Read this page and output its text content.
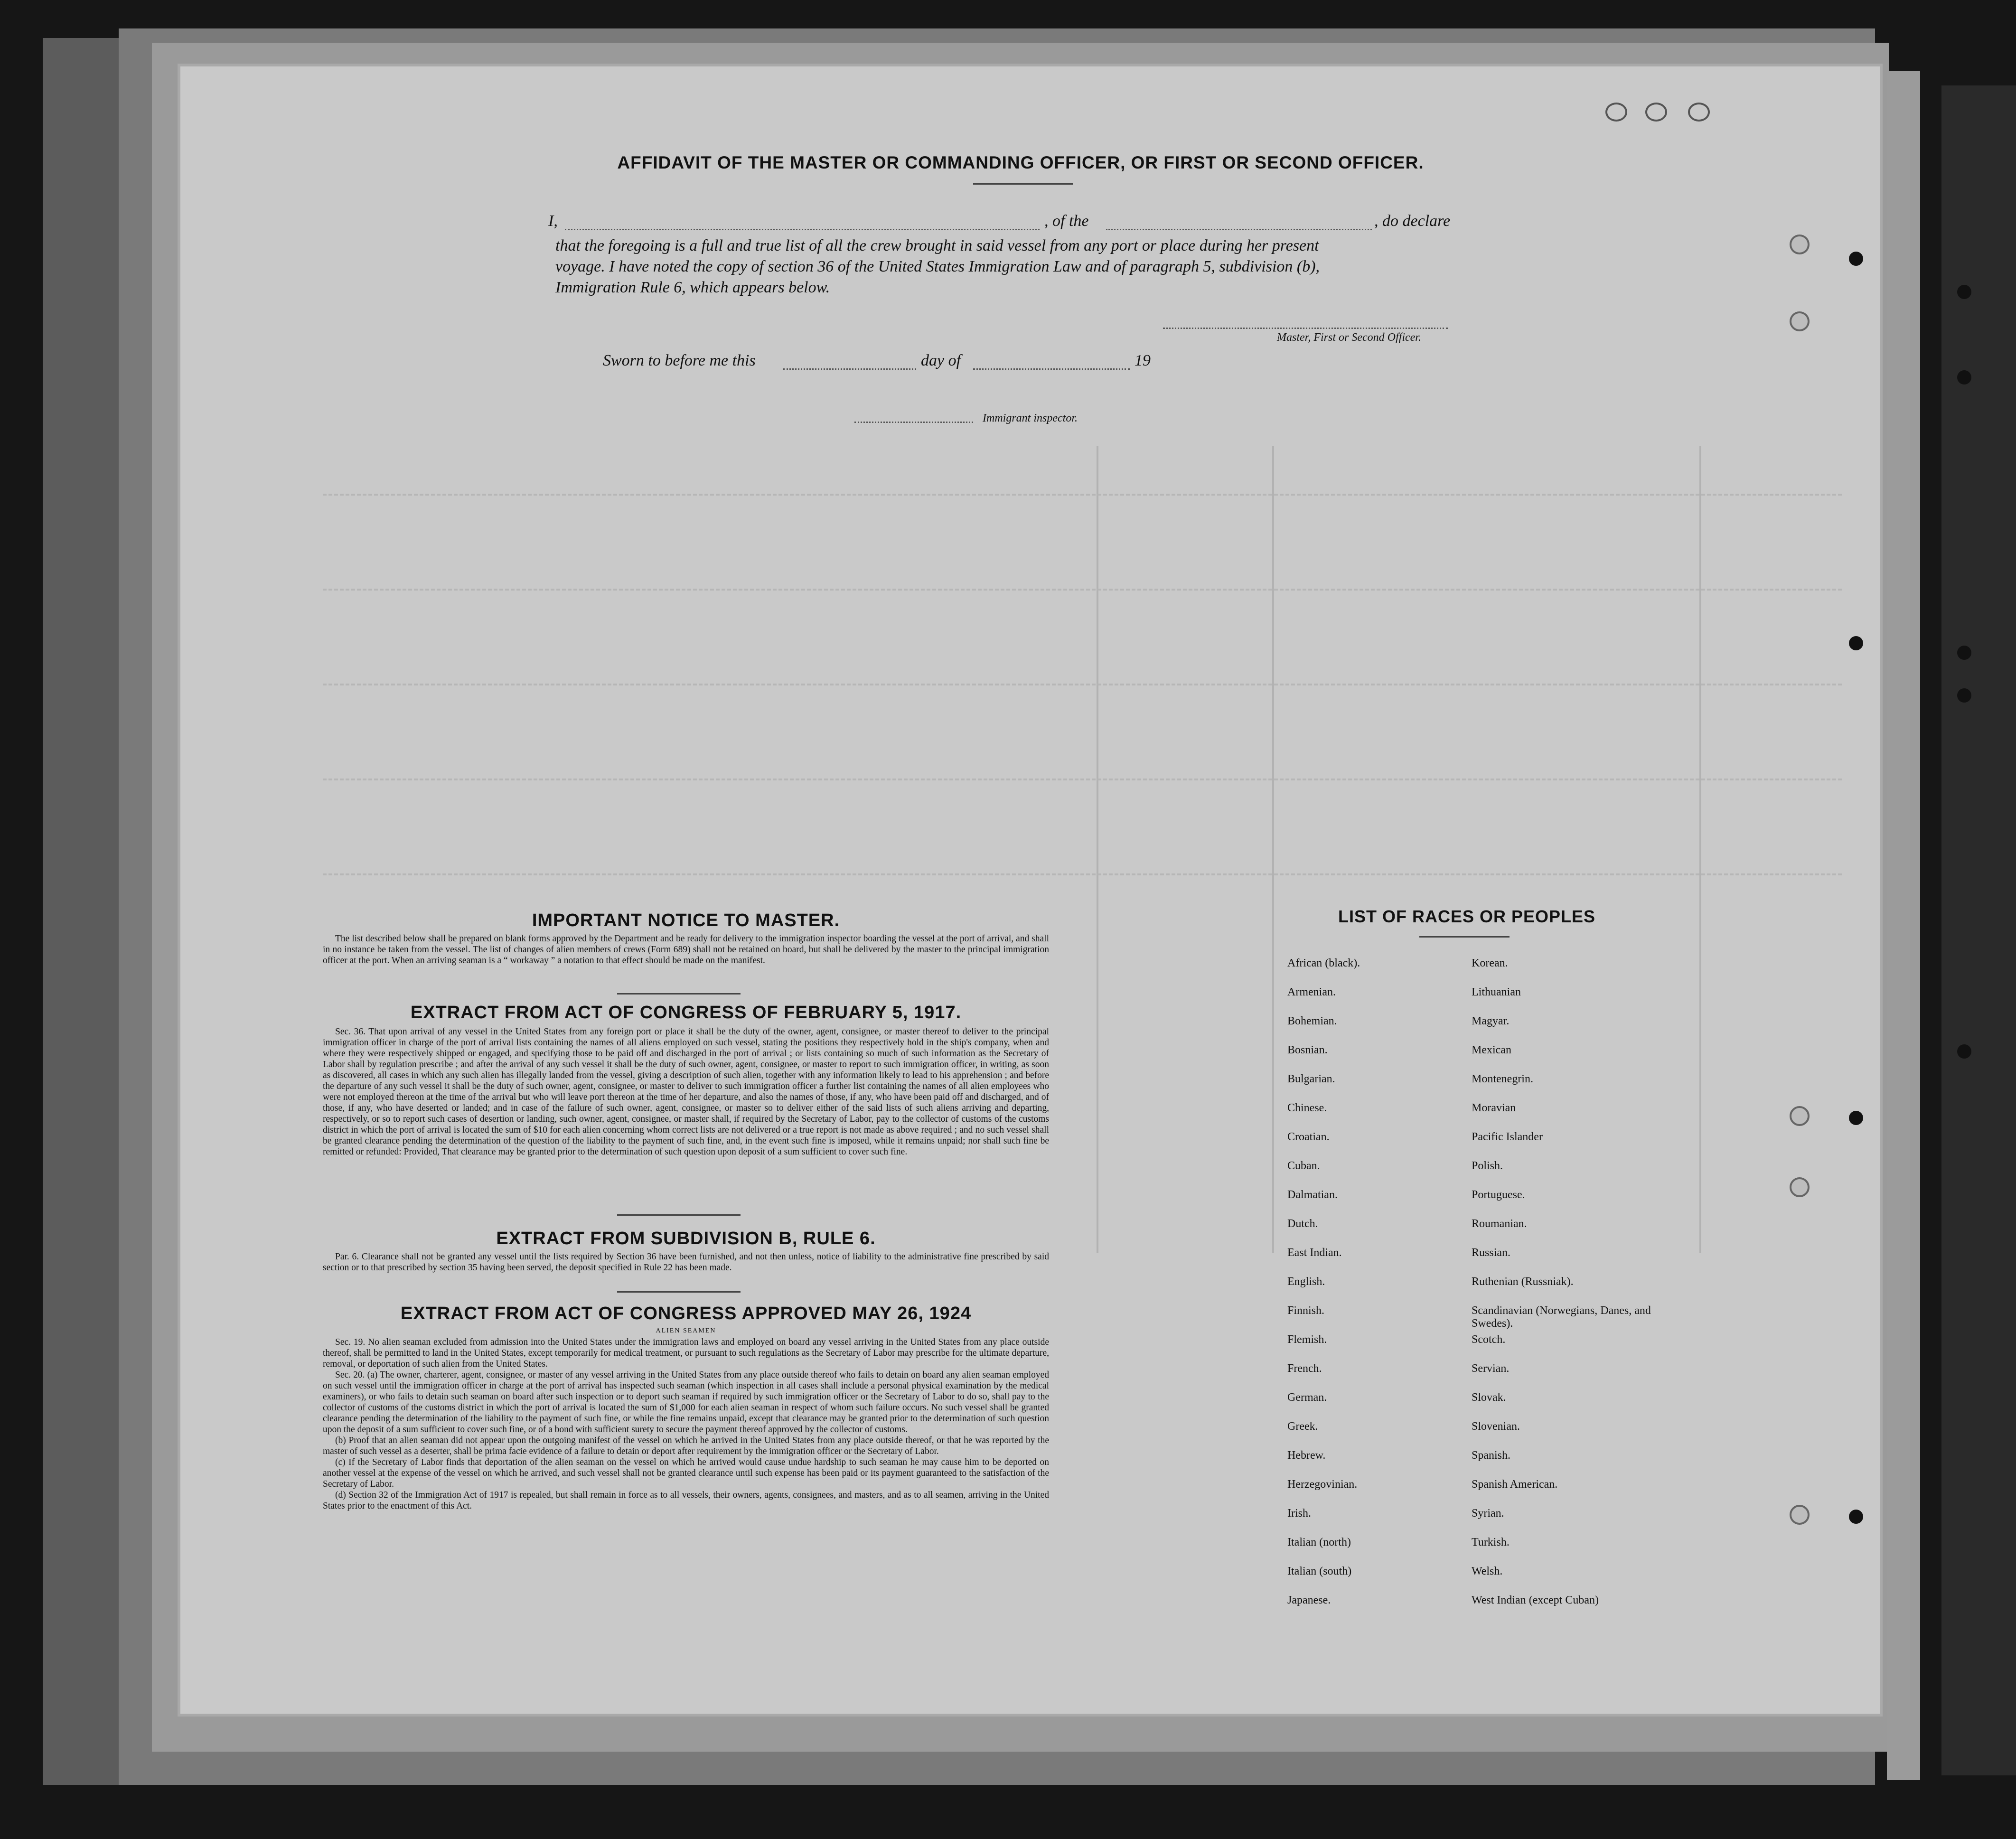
AFFIDAVIT OF THE MASTER OR COMMANDING OFFICER, OR FIRST OR SECOND OFFICER.
I,	, of the	, do declare
that the foregoing is a full and true list of all the crew brought in said vessel from any port or place during her present
voyage. I have noted the copy of section 36 of the United States Immigration Law and of paragraph 5, subdivision (b),
Immigration Rule 6, which appears below.
Master, First or Second Officer.
Sworn to before me this	day of	19
Immigrant inspector.
IMPORTANT NOTICE TO MASTER.

The list described below shall be prepared on blank forms approved by the Department and be ready for delivery to the immigration inspector boarding the vessel at the port of arrival, and shall in no instance be taken from the vessel. The list of changes of alien members of crews (Form 689) shall not be retained on board, but shall be delivered by the master to the principal immigration officer at the port. When an arriving seaman is a “ workaway ” a notation to that effect should be made on the manifest.

EXTRACT FROM ACT OF CONGRESS OF FEBRUARY 5, 1917.

Sec. 36. That upon arrival of any vessel in the United States from any foreign port or place it shall be the duty of the owner, agent, consignee, or master thereof to deliver to the principal immigration officer in charge of the port of arrival lists containing the names of all aliens employed on such vessel, stating the positions they respectively hold in the ship's company, when and where they were respectively shipped or engaged, and specifying those to be paid off and discharged in the port of arrival ; or lists containing so much of such information as the Secretary of Labor shall by regulation prescribe ; and after the arrival of any such vessel it shall be the duty of such owner, agent, consignee, or master to report to such immigration officer, in writing, as soon as discovered, all cases in which any such alien has illegally landed from the vessel, giving a description of such alien, together with any information likely to lead to his apprehension ; and before the departure of any such vessel it shall be the duty of such owner, agent, consignee, or master to deliver to such immigration officer a further list containing the names of all alien employees who were not employed thereon at the time of the arrival but who will leave port thereon at the time of her departure, and also the names of those, if any, who have been paid off and discharged, and of those, if any, who have deserted or landed; and in case of the failure of such owner, agent, consignee, or master so to deliver either of the said lists of such aliens arriving and departing, respectively, or so to report such cases of desertion or landing, such owner, agent, consignee, or master shall, if required by the Secretary of Labor, pay to the collector of customs of the customs district in which the port of arrival is located the sum of $10 for each alien concerning whom correct lists are not delivered or a true report is not made as above required ; and no such vessel shall be granted clearance pending the determination of the question of the liability to the payment of such fine, and, in the event such fine is imposed, while it remains unpaid; nor shall such fine be remitted or refunded: Provided, That clearance may be granted prior to the determination of such question upon deposit of a sum sufficient to cover such fine.

EXTRACT FROM SUBDIVISION B, RULE 6.

Par. 6. Clearance shall not be granted any vessel until the lists required by Section 36 have been furnished, and not then unless, notice of liability to the administrative fine prescribed by said section or to that prescribed by section 35 having been served, the deposit specified in Rule 22 has been made.

EXTRACT FROM ACT OF CONGRESS APPROVED MAY 26, 1924
ALIEN SEAMEN

Sec. 19. No alien seaman excluded from admission into the United States under the immigration laws and employed on board any vessel arriving in the United States from any place outside thereof, shall be permitted to land in the United States, except temporarily for medical treatment, or pursuant to such regulations as the Secretary of Labor may prescribe for the ultimate departure, removal, or deportation of such alien from the United States.

Sec. 20. (a) The owner, charterer, agent, consignee, or master of any vessel arriving in the United States from any place outside thereof who fails to detain on board any alien seaman employed on such vessel until the immigration officer in charge at the port of arrival has inspected such seaman (which inspection in all cases shall include a personal physical examination by the medical examiners), or who fails to detain such seaman on board after such inspection or to deport such seaman if required by such immigration officer or the Secretary of Labor to do so, shall pay to the collector of customs of the customs district in which the port of arrival is located the sum of $1,000 for each alien seaman in respect of whom such failure occurs. No such vessel shall be granted clearance pending the determination of the liability to the payment of such fine, or while the fine remains unpaid, except that clearance may be granted prior to the determination of such question upon the deposit of a sum sufficient to cover such fine, or of a bond with sufficient surety to secure the payment thereof approved by the collector of customs.

(b) Proof that an alien seaman did not appear upon the outgoing manifest of the vessel on which he arrived in the United States from any place outside thereof, or that he was reported by the master of such vessel as a deserter, shall be prima facie evidence of a failure to detain or deport after requirement by the immigration officer or the Secretary of Labor.

(c) If the Secretary of Labor finds that deportation of the alien seaman on the vessel on which he arrived would cause undue hardship to such seaman he may cause him to be deported on another vessel at the expense of the vessel on which he arrived, and such vessel shall not be granted clearance until such expense has been paid or its payment guaranteed to the satisfaction of the Secretary of Labor.

(d) Section 32 of the Immigration Act of 1917 is repealed, but shall remain in force as to all vessels, their owners, agents, consignees, and masters, and as to all seamen, arriving in the United States prior to the enactment of this Act.

LIST OF RACES OR PEOPLES
African (black).
Armenian.
Bohemian.
Bosnian.
Bulgarian.
Chinese.
Croatian.
Cuban.
Dalmatian.
Dutch.
East Indian.
English.
Finnish.
Flemish.
French.
German.
Greek.
Hebrew.
Herzegovinian.
Irish.
Italian (north)
Italian (south)
Japanese.
Korean.
Lithuanian
Magyar.
Mexican
Montenegrin.
Moravian
Pacific Islander
Polish.
Portuguese.
Roumanian.
Russian.
Ruthenian (Russniak).
Scandinavian (Norwegians, Danes, and Swedes).
Scotch.
Servian.
Slovak.
Slovenian.
Spanish.
Spanish American.
Syrian.
Turkish.
Welsh.
West Indian (except Cuban)
